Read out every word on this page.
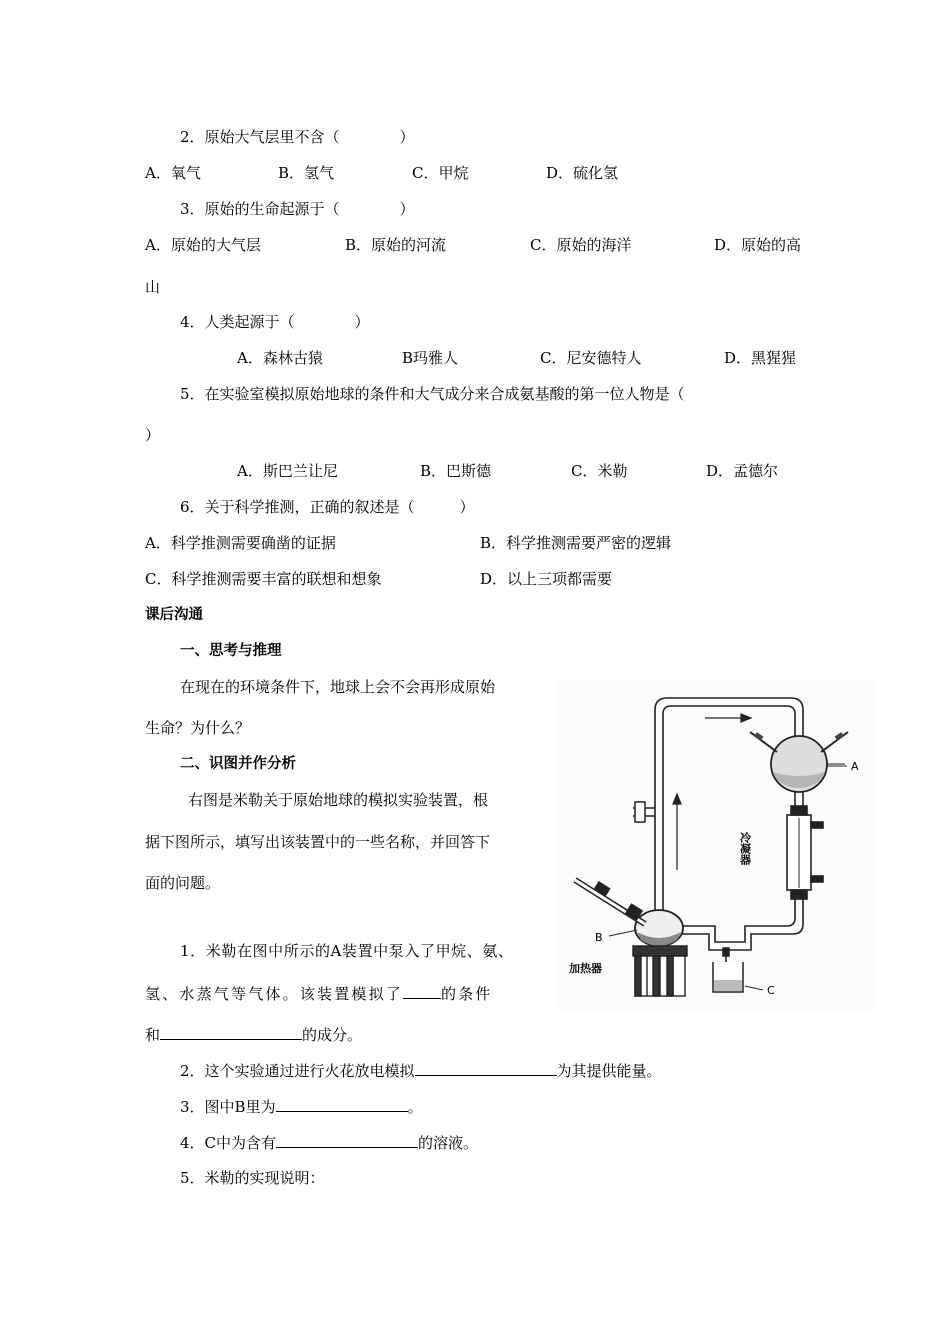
2．原始大气层里不含（　　　　）
A．氧气	B．氢气	C．甲烷	D．硫化氢
3．原始的生命起源于（　　　　）
A．原始的大气层	B．原始的河流	C．原始的海洋	D．原始的高
山
4．人类起源于（　　　　）
A．森林古猿	B玛雅人	C．尼安德特人	D．黑猩猩
5．在实验室模拟原始地球的条件和大气成分来合成氨基酸的第一位人物是（
）
A．斯巴兰让尼	B．巴斯德	C．米勒	D．孟德尔
6．关于科学推测，正确的叙述是（　　　）
A．科学推测需要确凿的证据	B．科学推测需要严密的逻辑
C．科学推测需要丰富的联想和想象	D．以上三项都需要
课后沟通
一、思考与推理
在现在的环境条件下，地球上会不会再形成原始
生命？为什么？
二、识图并作分析
右图是米勒关于原始地球的模拟实验装置，根
据下图所示，填写出该装置中的一些名称，并回答下
面的问题。
1．米勒在图中所示的A装置中泵入了甲烷、氨、
氢、水蒸气等气体。该装置模拟了	的条件
和	的成分。
2．这个实验通过进行火花放电模拟	为其提供能量。
3．图中B里为	。
4．C中为含有	的溶液。
5．米勒的实现说明：
A
B
C
加热器
冷凝器
